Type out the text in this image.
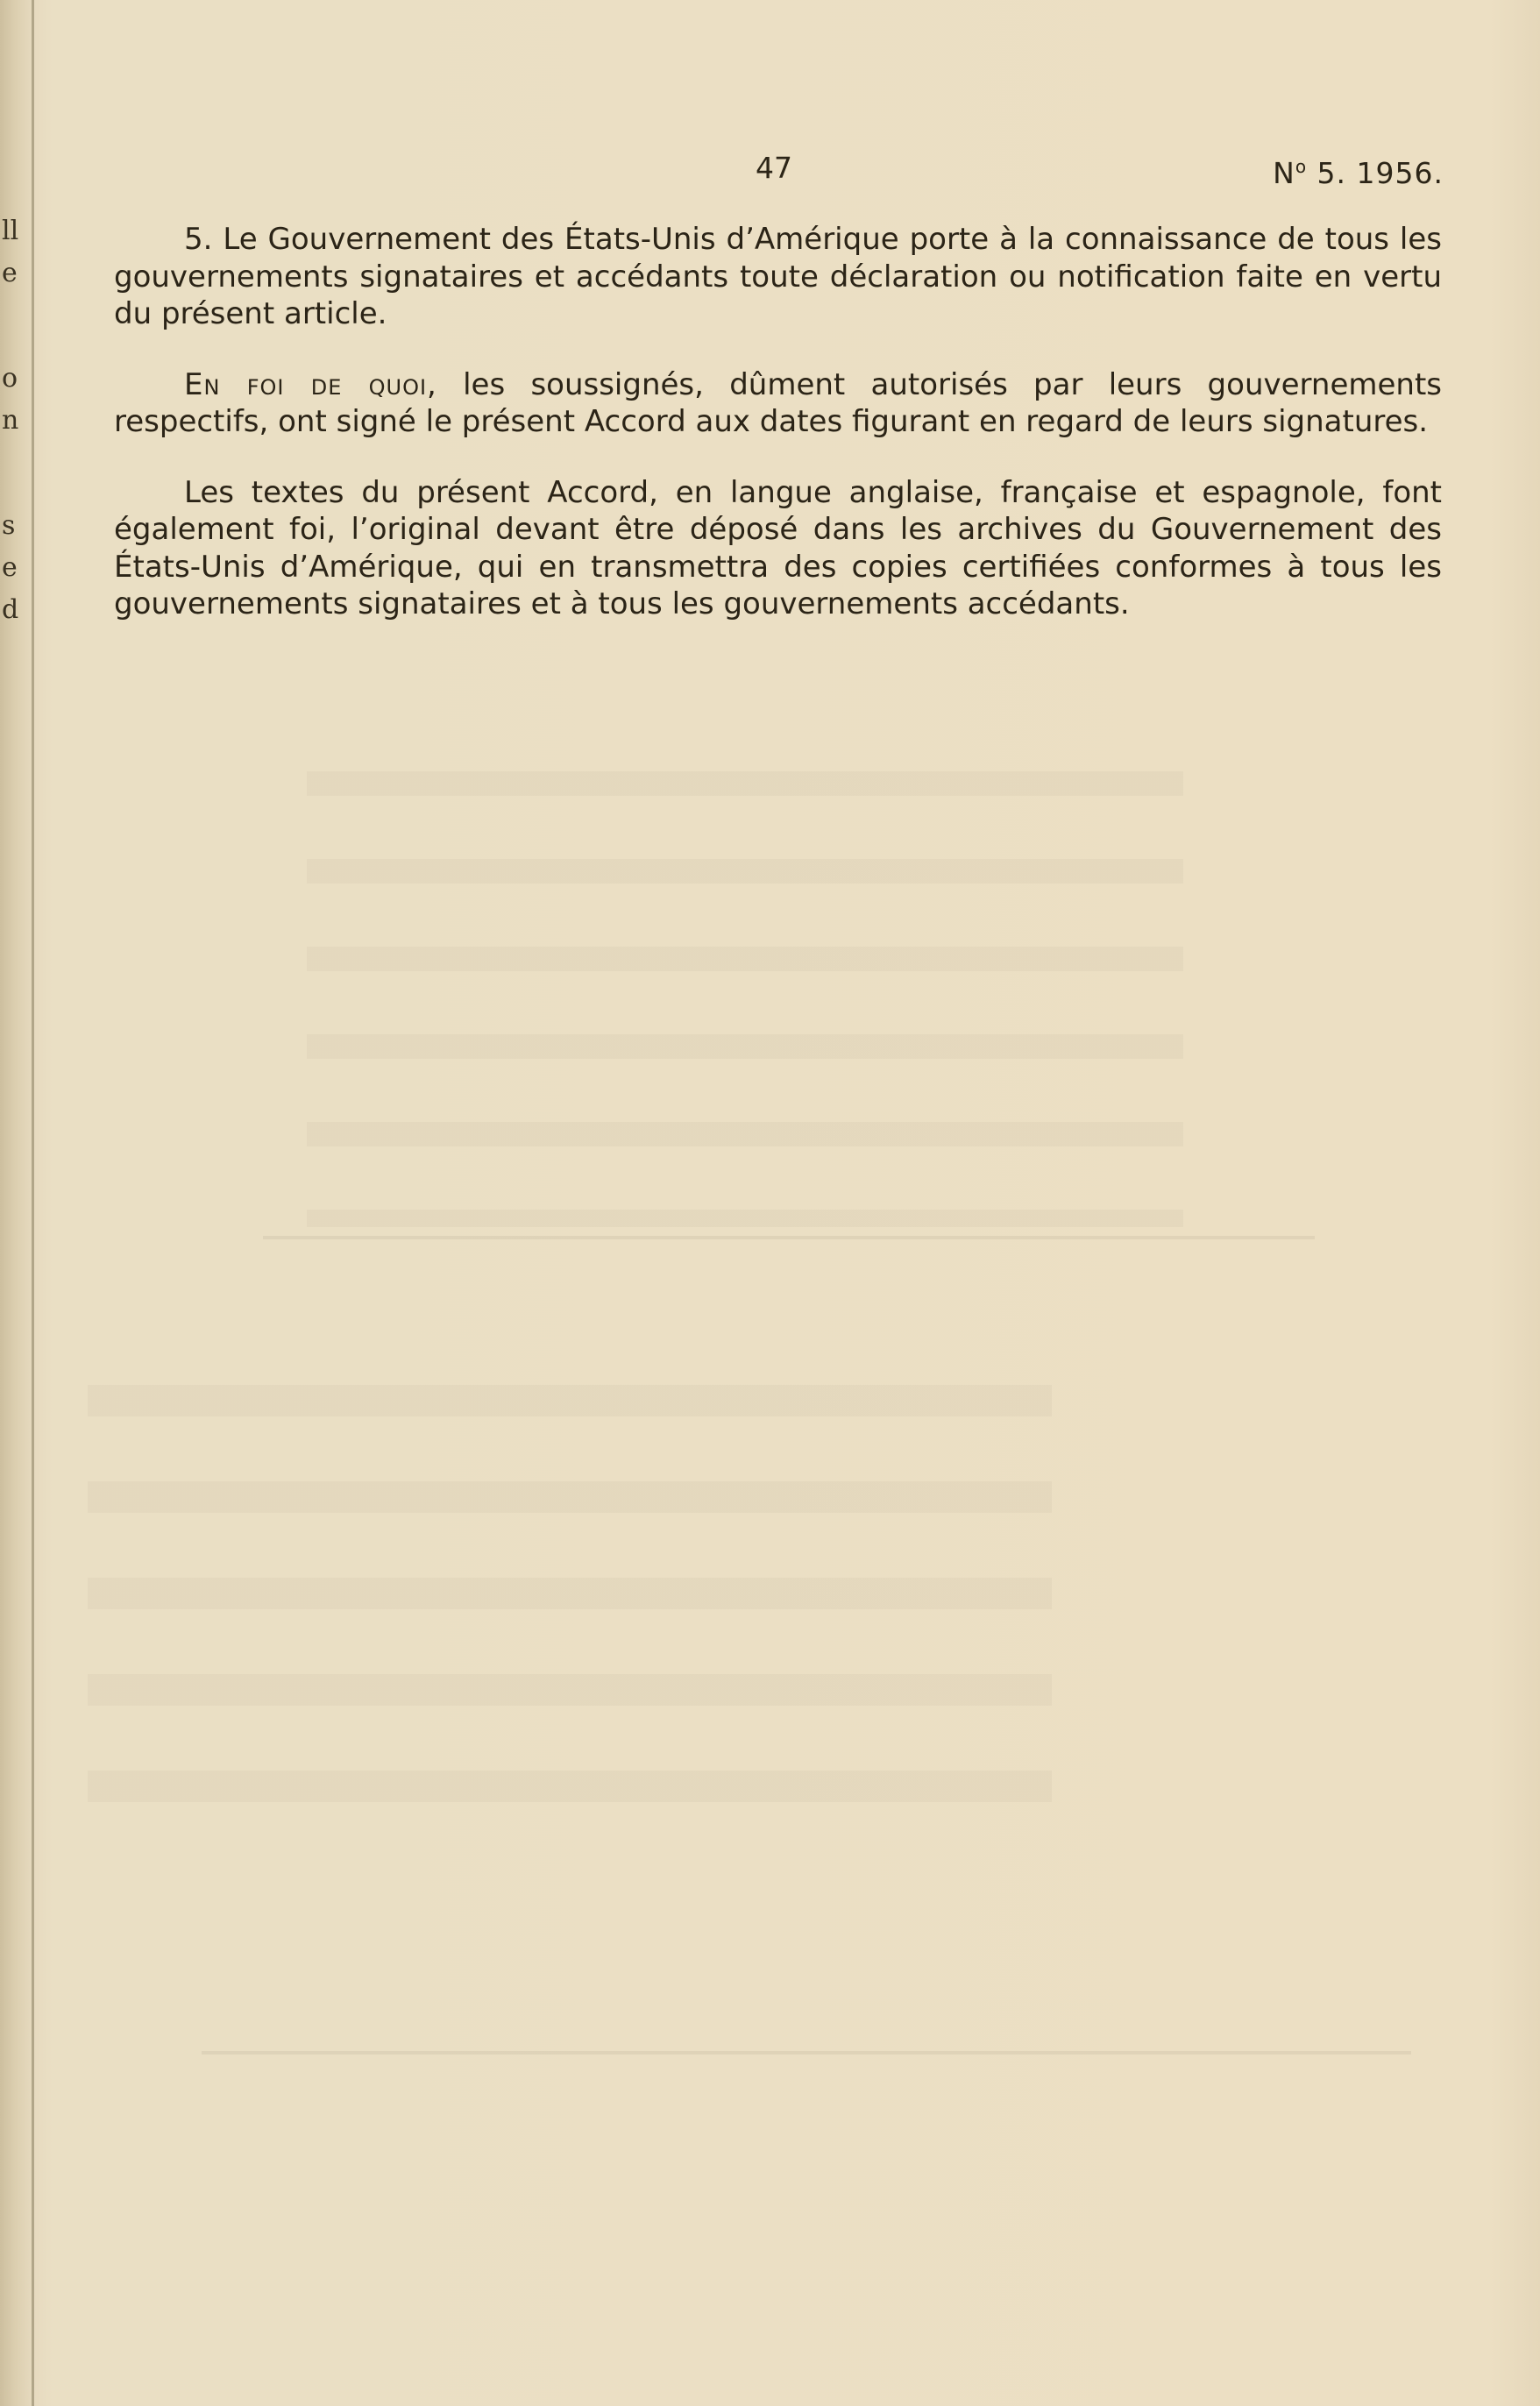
ll
e
o
n
s
e
d
47	$N^o$ 5. 1956.

5. Le Gouvernement des États-Unis d’Amérique porte à la connaissance de tous les gouvernements signataires et accédants toute déclaration ou notification faite en vertu du présent article.

En foi de quoi, les soussignés, dûment autorisés par leurs gouvernements respectifs, ont signé le présent Accord aux dates figurant en regard de leurs signatures.

Les textes du présent Accord, en langue anglaise, française et espagnole, font également foi, l’original devant être déposé dans les archives du Gouvernement des États-Unis d’Amérique, qui en transmettra des copies certifiées conformes à tous les gouvernements signataires et à tous les gouvernements accédants.
